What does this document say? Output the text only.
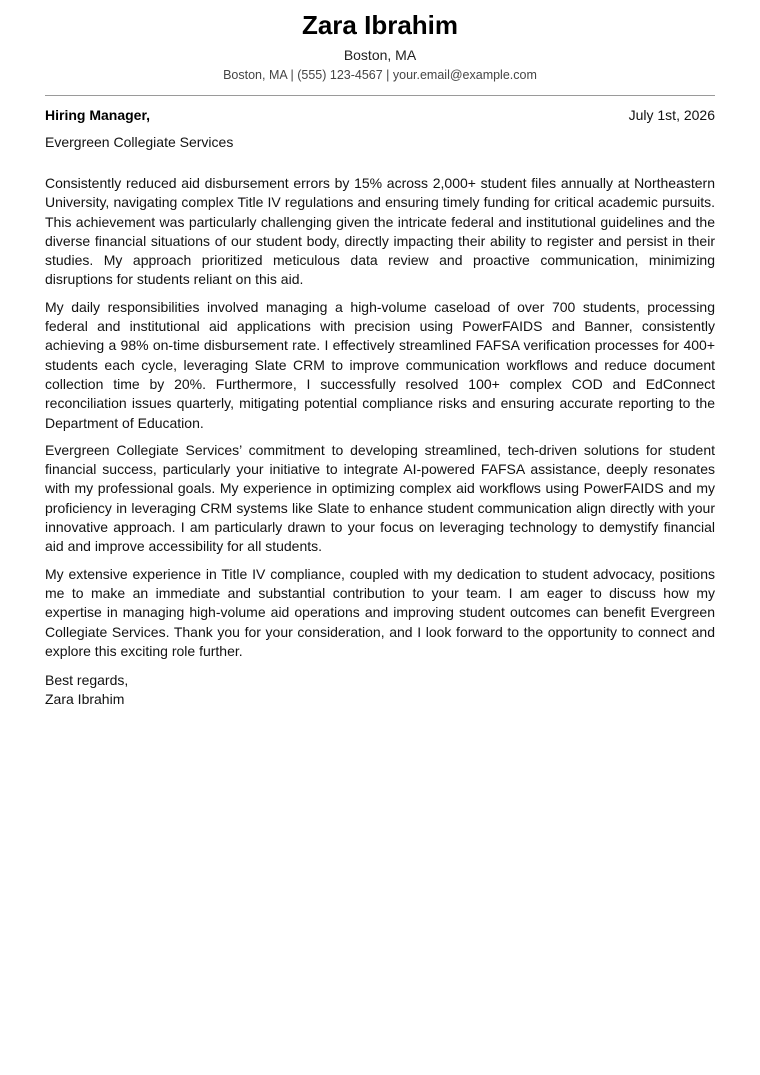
Zara Ibrahim
Boston, MA
Boston, MA | (555) 123-4567 | your.email@example.com
Hiring Manager,	July 1st, 2026
Evergreen Collegiate Services

Consistently reduced aid disbursement errors by 15% across 2,000+ student files annually at Northeastern University, navigating complex Title IV regulations and ensuring timely funding for critical academic pursuits. This achievement was particularly challenging given the intricate federal and institutional guidelines and the diverse financial situations of our student body, directly impacting their ability to register and persist in their studies. My approach prioritized meticulous data review and proactive communication, minimizing disruptions for students reliant on this aid.

My daily responsibilities involved managing a high-volume caseload of over 700 students, processing federal and institutional aid applications with precision using PowerFAIDS and Banner, consistently achieving a 98% on-time disbursement rate. I effectively streamlined FAFSA verification processes for 400+ students each cycle, leveraging Slate CRM to improve communication workflows and reduce document collection time by 20%. Furthermore, I successfully resolved 100+ complex COD and EdConnect reconciliation issues quarterly, mitigating potential compliance risks and ensuring accurate reporting to the Department of Education.

Evergreen Collegiate Services’ commitment to developing streamlined, tech-driven solutions for student financial success, particularly your initiative to integrate AI-powered FAFSA assistance, deeply resonates with my professional goals. My experience in optimizing complex aid workflows using PowerFAIDS and my proficiency in leveraging CRM systems like Slate to enhance student communication align directly with your innovative approach. I am particularly drawn to your focus on leveraging technology to demystify financial aid and improve accessibility for all students.

My extensive experience in Title IV compliance, coupled with my dedication to student advocacy, positions me to make an immediate and substantial contribution to your team. I am eager to discuss how my expertise in managing high-volume aid operations and improving student outcomes can benefit Evergreen Collegiate Services. Thank you for your consideration, and I look forward to the opportunity to connect and explore this exciting role further.

Best regards,
Zara Ibrahim
